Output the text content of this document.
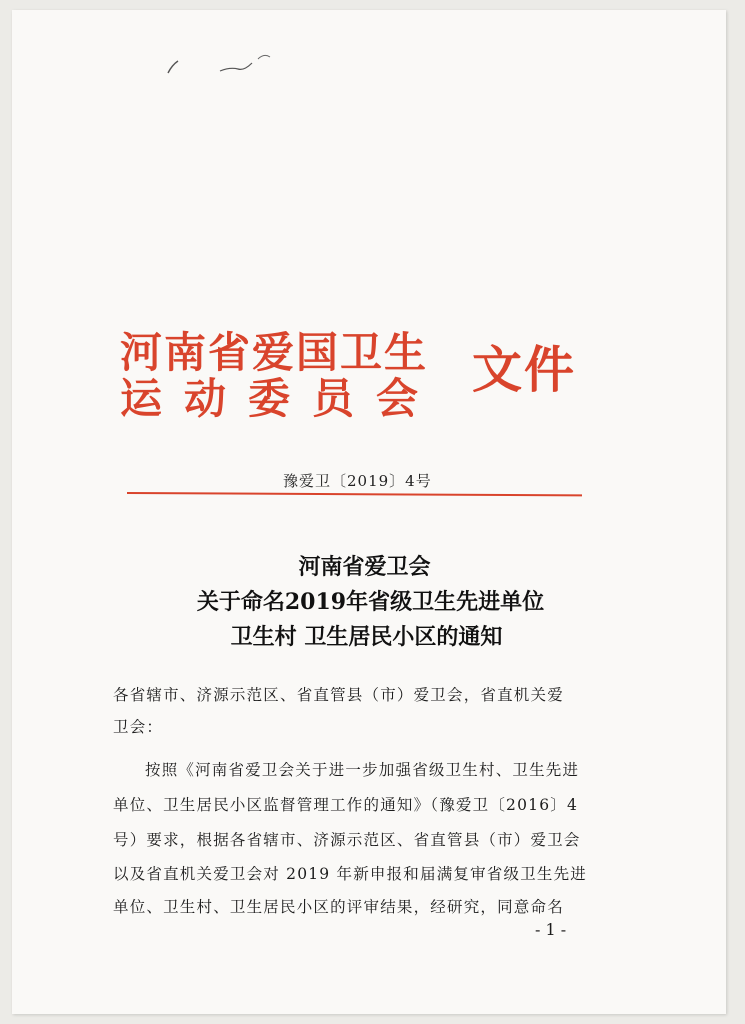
河南省爱国卫生
运动委员会 文件
豫爱卫〔2019〕4号
河南省爱卫会
关于命名2019年省级卫生先进单位
卫生村 卫生居民小区的通知
各省辖市、济源示范区、省直管县（市）爱卫会，省直机关爱
卫会：
按照《河南省爱卫会关于进一步加强省级卫生村、卫生先进
单位、卫生居民小区监督管理工作的通知》（豫爱卫〔2016〕4
号）要求，根据各省辖市、济源示范区、省直管县（市）爱卫会
以及省直机关爱卫会对 2019 年新申报和届满复审省级卫生先进
单位、卫生村、卫生居民小区的评审结果，经研究，同意命名
- 1 -
